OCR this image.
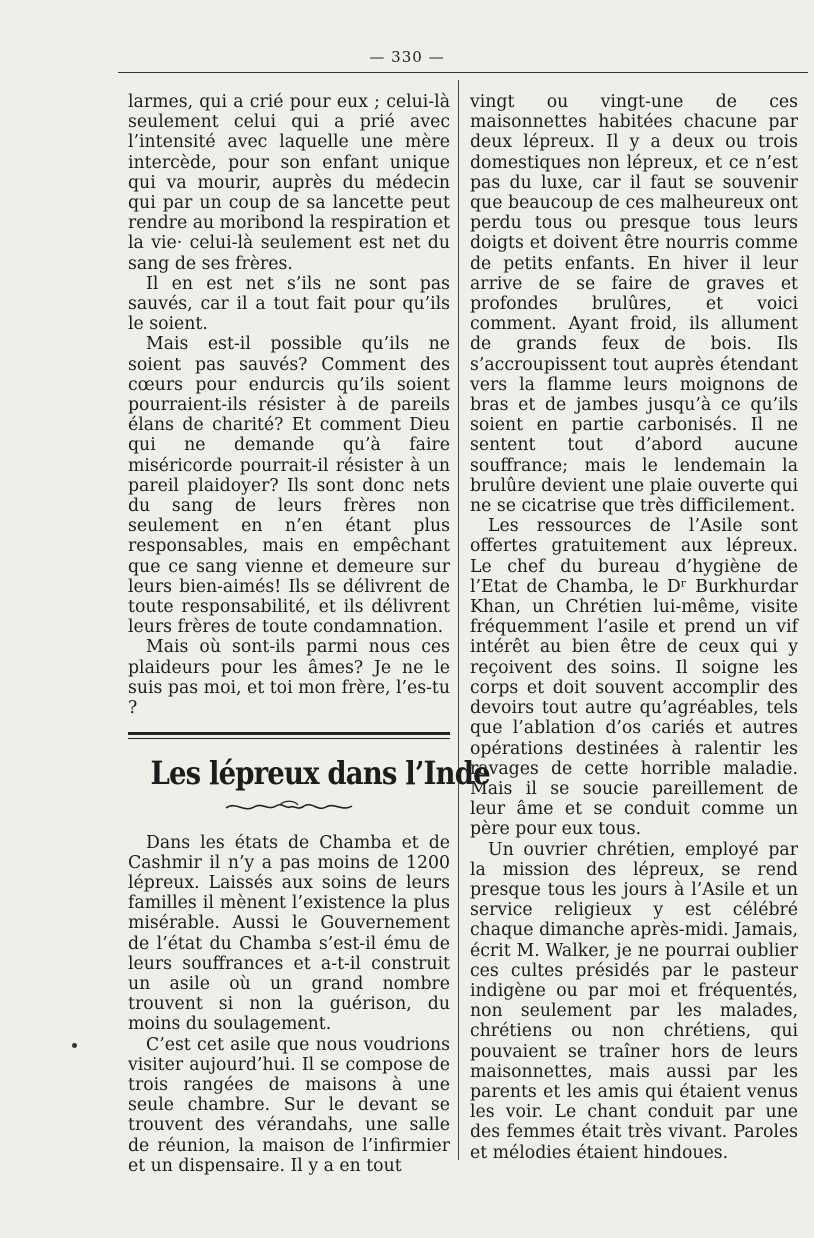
— 330 —

larmes, qui a crié pour eux ; celui-là seulement celui qui a prié avec l’intensité avec laquelle une mère intercède, pour son enfant unique qui va mourir, auprès du médecin qui par un coup de sa lancette peut rendre au moribond la respiration et la vie· celui-là seulement est net du sang de ses frères.

Il en est net s’ils ne sont pas sauvés, car il a tout fait pour qu’ils le soient.

Mais est-il possible qu’ils ne soient pas sauvés? Comment des cœurs pour endurcis qu’ils soient pourraient-ils résister à de pareils élans de charité? Et comment Dieu qui ne demande qu’à faire miséricorde pourrait-il résister à un pareil plaidoyer? Ils sont donc nets du sang de leurs frères non seulement en n’en étant plus responsables, mais en empêchant que ce sang vienne et demeure sur leurs bien-aimés! Ils se délivrent de toute responsabilité, et ils délivrent leurs frères de toute condamnation.

Mais où sont-ils parmi nous ces plaideurs pour les âmes? Je ne le suis pas moi, et toi mon frère, l’es-tu ?

Les lépreux dans l’Inde

Dans les états de Chamba et de Cashmir il n’y a pas moins de 1200 lépreux. Laissés aux soins de leurs familles il mènent l’existence la plus misérable. Aussi le Gouvernement de l’état du Chamba s’est-il ému de leurs souffrances et a-t-il construit un asile où un grand nombre trouvent si non la guérison, du moins du soulagement.

C’est cet asile que nous voudrions visiter aujourd’hui. Il se compose de trois rangées de maisons à une seule chambre. Sur le devant se trouvent des vérandahs, une salle de réunion, la maison de l’infirmier et un dispensaire. Il y a en tout

vingt ou vingt-une de ces maisonnettes habitées chacune par deux lépreux. Il y a deux ou trois domestiques non lépreux, et ce n’est pas du luxe, car il faut se souvenir que beaucoup de ces malheureux ont perdu tous ou presque tous leurs doigts et doivent être nourris comme de petits enfants. En hiver il leur arrive de se faire de graves et profondes brulûres, et voici comment. Ayant froid, ils allument de grands feux de bois. Ils s’accroupissent tout auprès étendant vers la flamme leurs moignons de bras et de jambes jusqu’à ce qu’ils soient en partie carbonisés. Il ne sentent tout d’abord aucune souffrance; mais le lendemain la brulûre devient une plaie ouverte qui ne se cicatrise que très difficilement.

Les ressources de l’Asile sont offertes gratuitement aux lépreux. Le chef du bureau d’hygiène de l’Etat de Chamba, le Dʳ Burkhurdar Khan, un Chrétien lui-même, visite fréquemment l’asile et prend un vif intérêt au bien être de ceux qui y reçoivent des soins. Il soigne les corps et doit souvent accomplir des devoirs tout autre qu’agréables, tels que l’ablation d’os cariés et autres opérations destinées à ralentir les ravages de cette horrible maladie. Mais il se soucie pareillement de leur âme et se conduit comme un père pour eux tous.

Un ouvrier chrétien, employé par la mission des lépreux, se rend presque tous les jours à l’Asile et un service religieux y est célébré chaque dimanche après-midi. Jamais, écrit M. Walker, je ne pourrai oublier ces cultes présidés par le pasteur indigène ou par moi et fréquentés, non seulement par les malades, chrétiens ou non chrétiens, qui pouvaient se traîner hors de leurs maisonnettes, mais aussi par les parents et les amis qui étaient venus les voir. Le chant conduit par une des femmes était très vivant. Paroles et mélodies étaient hindoues.
